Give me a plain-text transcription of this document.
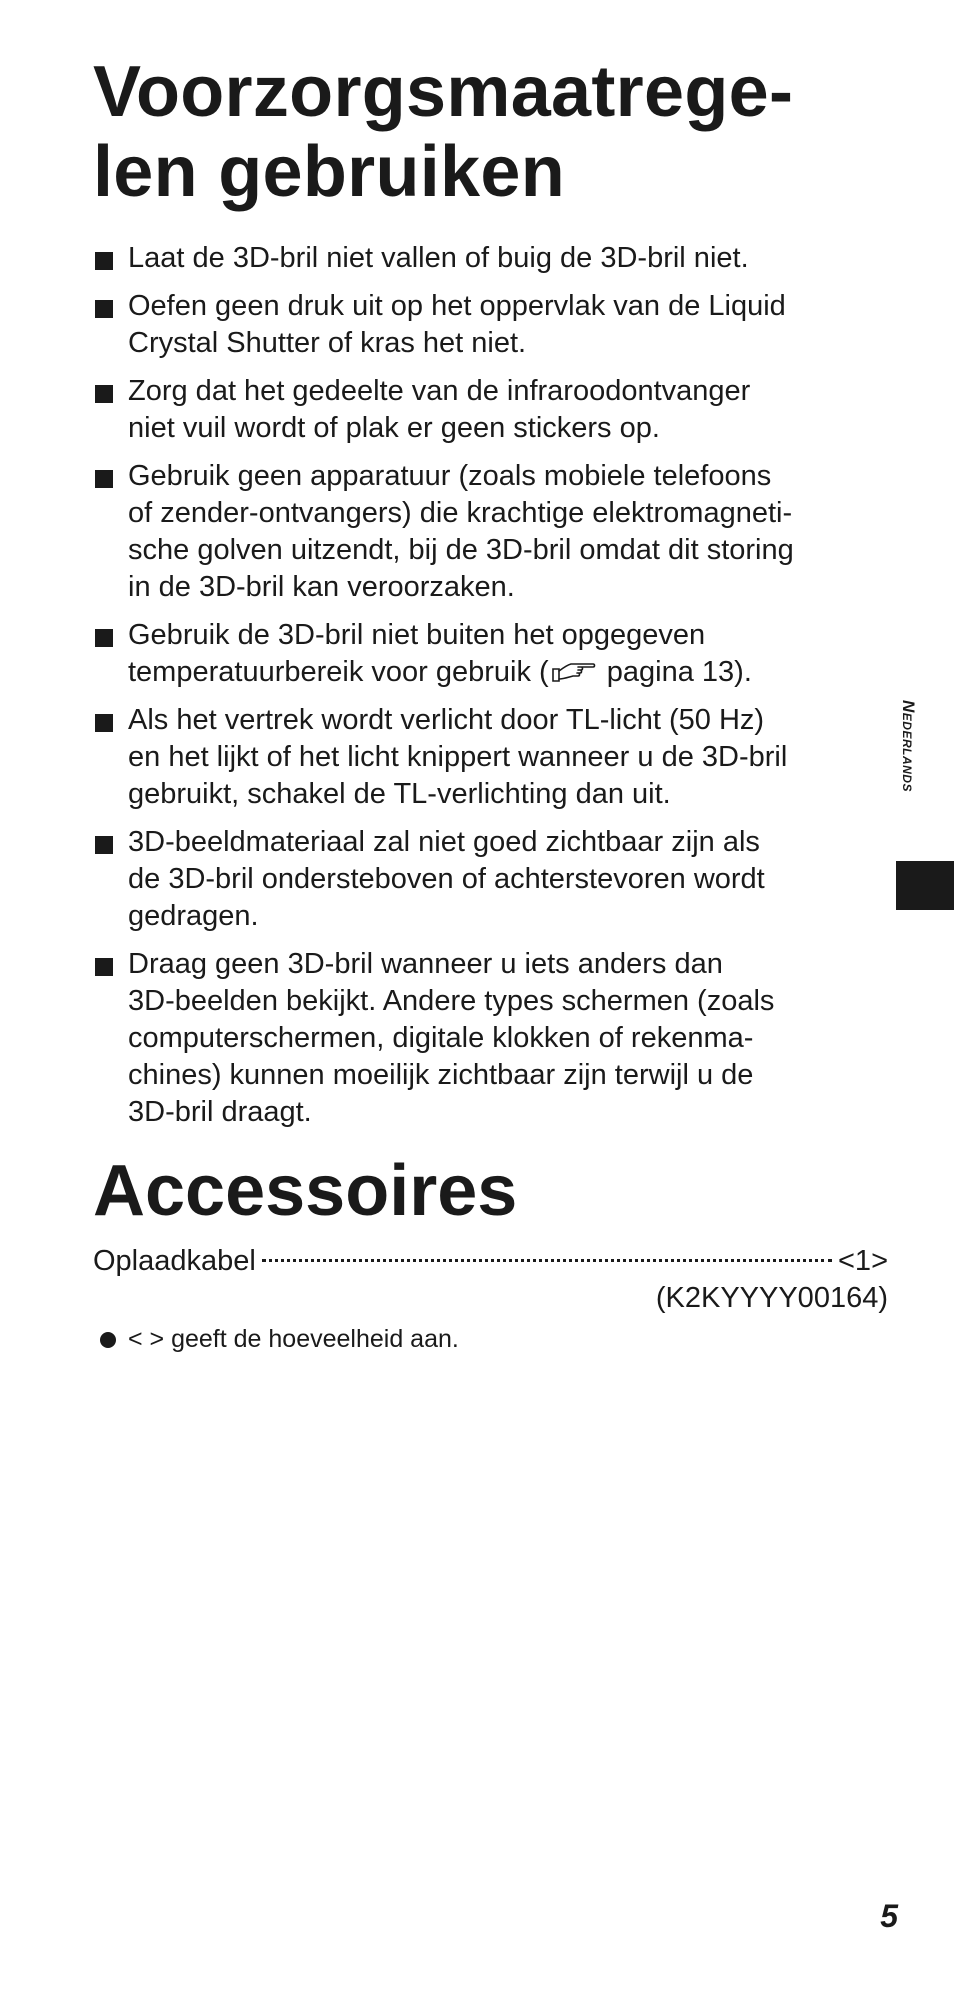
Voorzorgsmaatrege-
len gebruiken
Laat de 3D-bril niet vallen of buig de 3D-bril niet.
Oefen geen druk uit op het oppervlak van de Liquid
Crystal Shutter of kras het niet.
Zorg dat het gedeelte van de infraroodontvanger
niet vuil wordt of plak er geen stickers op.
Gebruik geen apparatuur (zoals mobiele telefoons
of zender-ontvangers) die krachtige elektromagneti-
sche golven uitzendt, bij de 3D-bril omdat dit storing
in de 3D-bril kan veroorzaken.
Gebruik de 3D-bril niet buiten het opgegeven
temperatuurbereik voor gebruik ( pagina 13).
Als het vertrek wordt verlicht door TL-licht (50 Hz)
en het lijkt of het licht knippert wanneer u de 3D-bril
gebruikt, schakel de TL-verlichting dan uit.
3D-beeldmateriaal zal niet goed zichtbaar zijn als
de 3D-bril ondersteboven of achterstevoren wordt
gedragen.
Draag geen 3D-bril wanneer u iets anders dan
3D-beelden bekijkt. Andere types schermen (zoals
computerschermen, digitale klokken of rekenma-
chines) kunnen moeilijk zichtbaar zijn terwijl u de
3D-bril draagt.
Accessoires
Oplaadkabel	<1>
(K2KYYYY00164)
< > geeft de hoeveelheid aan.
Nederlands
5
